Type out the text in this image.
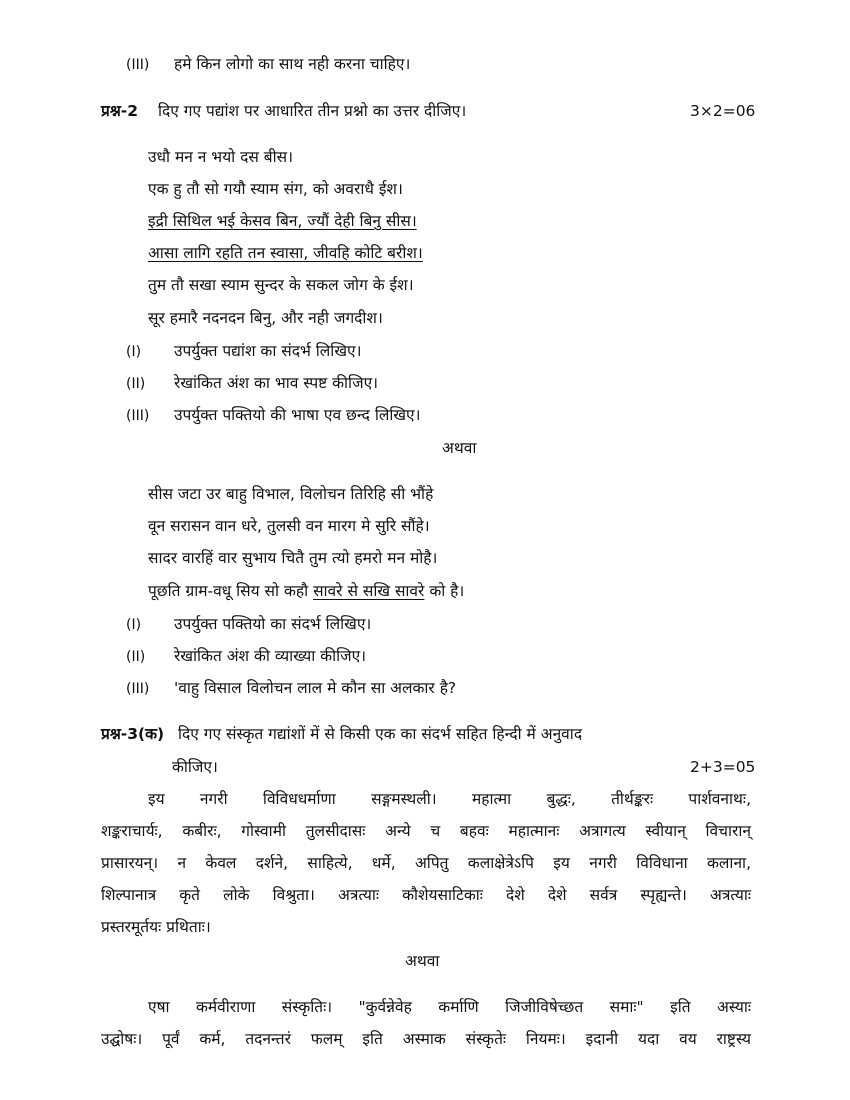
(III) हमे किन लोगो का साथ नही करना चाहिए।
प्रश्न-2 दिए गए पद्यांश पर आधारित तीन प्रश्नो का उत्तर दीजिए।	3×2=06
उधौ मन न भयो दस बीस।
एक हु तौ सो गयौ स्याम संग, को अवराधै ईश।
इद्री सिथिल भई केसव बिन, ज्यौं देही बिनु सीस।
आसा लागि रहति तन स्वासा, जीवहि कोटि बरीश।
तुम तौ सखा स्याम सुन्दर के सकल जोग के ईश।
सूर हमारै नदनदन बिनु, और नही जगदीश।
(I) उपर्युक्त पद्यांश का संदर्भ लिखिए।
(II) रेखांकित अंश का भाव स्पष्ट कीजिए।
(III) उपर्युक्त पक्तियो की भाषा एव छन्द लिखिए।
अथवा
सीस जटा उर बाहु विभाल, विलोचन तिरिहि सी भौंहे
वून सरासन वान धरे, तुलसी वन मारग मे सुरि सौंहे।
सादर वारहिं वार सुभाय चितै तुम त्यो हमरो मन मोहै।
पूछति ग्राम-वधू सिय सो कहौ सावरे से सखि सावरे को है।
(I) उपर्युक्त पक्तियो का संदर्भ लिखिए।
(II) रेखांकित अंश की व्याख्या कीजिए।
(III) 'वाहु विसाल विलोचन लाल मे कौन सा अलकार है?
प्रश्न-3(क) दिए गए संस्कृत गद्यांशों में से किसी एक का संदर्भ सहित हिन्दी में अनुवाद
कीजिए।	2+3=05
इय नगरी विविधधर्माणा सङ्गमस्थली। महात्मा बुद्धः, तीर्थङ्करः पार्शवनाथः,
शङ्कराचार्यः, कबीरः, गोस्वामी तुलसीदासः अन्ये च बहवः महात्मानः अत्रागत्य स्वीयान् विचारान्
प्रासारयन्। न केवल दर्शने, साहित्ये, धर्मे, अपितु कलाक्षेत्रेऽपि इय नगरी विविधाना कलाना,
शिल्पानात्र कृते लोके विश्रुता। अत्रत्याः कौशेयसाटिकाः देशे देशे सर्वत्र स्पृह्यन्ते। अत्रत्याः
प्रस्तरमूर्तयः प्रथिताः।
अथवा
एषा कर्मवीराणा संस्कृतिः। "कुर्वन्नेवेह कर्माणि जिजीविषेच्छत समाः" इति अस्याः
उद्घोषः। पूर्वं कर्म, तदनन्तरं फलम् इति अस्माक संस्कृतेः नियमः। इदानी यदा वय राष्ट्रस्य
